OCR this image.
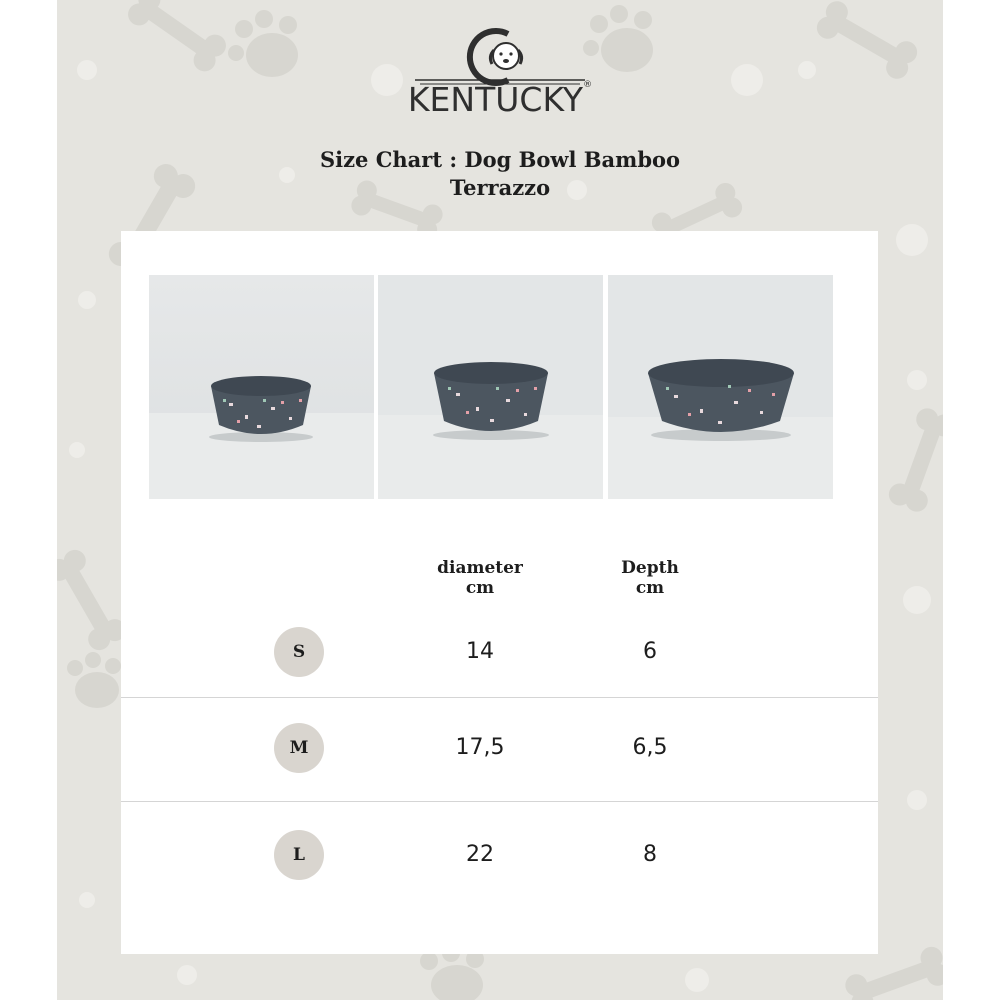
KENTUCKY®
Size Chart : Dog Bowl Bamboo
Terrazzo
diameter
cm
Depth
cm
S	14	6
M	17,5	6,5
L	22	8
